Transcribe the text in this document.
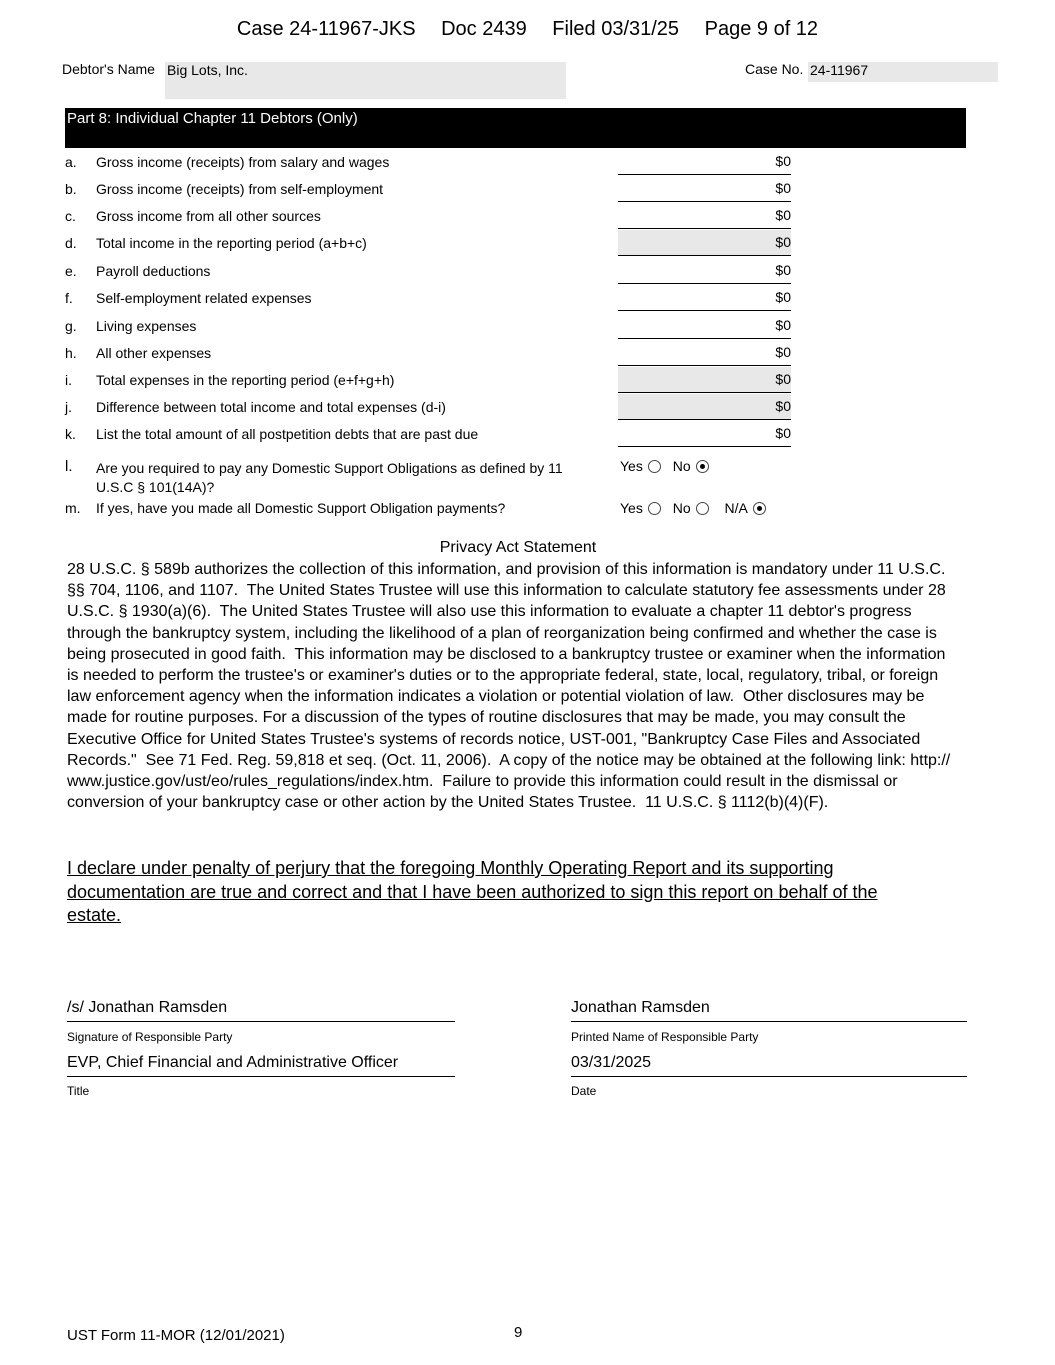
Case 24-11967-JKS Doc 2439 Filed 03/31/25 Page 9 of 12
Debtor's Name Big Lots, Inc.	Case No. 24-11967
Part 8: Individual Chapter 11 Debtors (Only)
a. Gross income (receipts) from salary and wages	$0
b. Gross income (receipts) from self-employment	$0
c. Gross income from all other sources	$0
d. Total income in the reporting period (a+b+c)	$0
e. Payroll deductions	$0
f. Self-employment related expenses	$0
g. Living expenses	$0
h. All other expenses	$0
i. Total expenses in the reporting period (e+f+g+h)	$0
j. Difference between total income and total expenses (d-i)	$0
k. List the total amount of all postpetition debts that are past due	$0
l. Are you required to pay any Domestic Support Obligations as defined by 11
U.S.C § 101(14A)?
Yes No
m. If yes, have you made all Domestic Support Obligation payments?	Yes No N/A
Privacy Act Statement
28 U.S.C. § 589b authorizes the collection of this information, and provision of this information is mandatory under 11 U.S.C.
§§ 704, 1106, and 1107.  The United States Trustee will use this information to calculate statutory fee assessments under 28
U.S.C. § 1930(a)(6).  The United States Trustee will also use this information to evaluate a chapter 11 debtor's progress
through the bankruptcy system, including the likelihood of a plan of reorganization being confirmed and whether the case is
being prosecuted in good faith.  This information may be disclosed to a bankruptcy trustee or examiner when the information
is needed to perform the trustee's or examiner's duties or to the appropriate federal, state, local, regulatory, tribal, or foreign
law enforcement agency when the information indicates a violation or potential violation of law.  Other disclosures may be
made for routine purposes. For a discussion of the types of routine disclosures that may be made, you may consult the
Executive Office for United States Trustee's systems of records notice, UST-001, "Bankruptcy Case Files and Associated
Records."  See 71 Fed. Reg. 59,818 et seq. (Oct. 11, 2006).  A copy of the notice may be obtained at the following link: http://
www.justice.gov/ust/eo/rules_regulations/index.htm.  Failure to provide this information could result in the dismissal or
conversion of your bankruptcy case or other action by the United States Trustee.  11 U.S.C. § 1112(b)(4)(F).
I declare under penalty of perjury that the foregoing Monthly Operating Report and its supporting
documentation are true and correct and that I have been authorized to sign this report on behalf of the
estate.
/s/ Jonathan Ramsden
Signature of Responsible Party
Jonathan Ramsden
Printed Name of Responsible Party
EVP, Chief Financial and Administrative Officer
Title
03/31/2025
Date
UST Form 11-MOR (12/01/2021)	9
